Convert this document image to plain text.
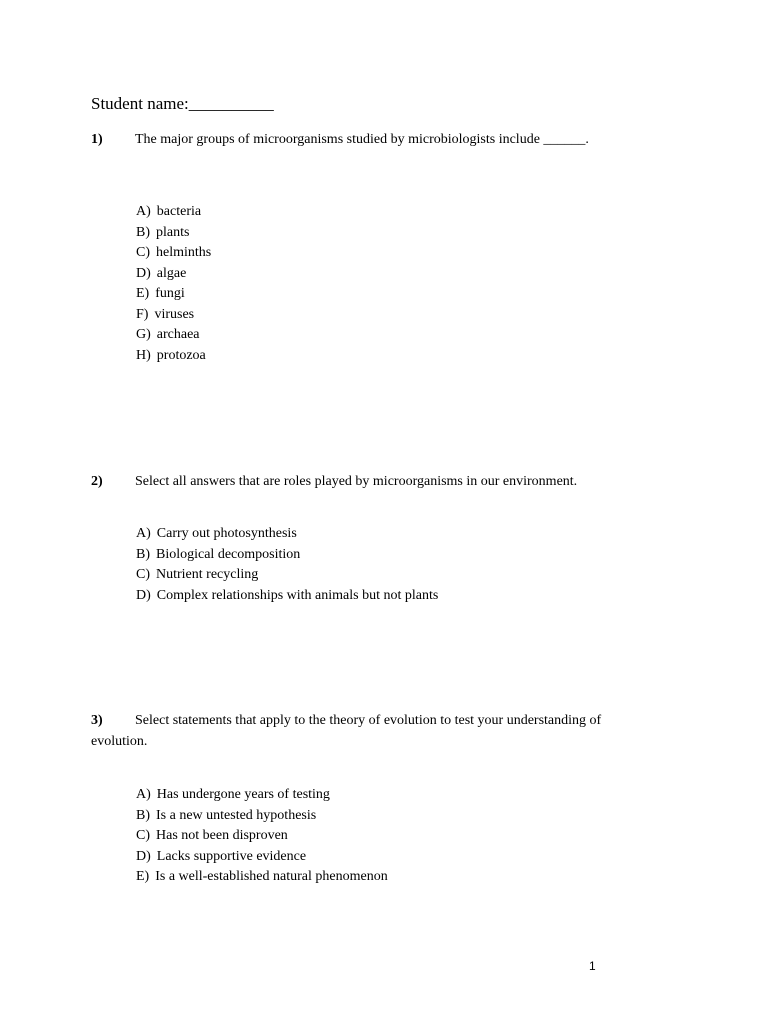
Student name:__________
1) The major groups of microorganisms studied by microbiologists include ______.
A) bacteria
B) plants
C) helminths
D) algae
E) fungi
F) viruses
G) archaea
H) protozoa
2) Select all answers that are roles played by microorganisms in our environment.
A) Carry out photosynthesis
B) Biological decomposition
C) Nutrient recycling
D) Complex relationships with animals but not plants
3) Select statements that apply to the theory of evolution to test your understanding of evolution.
A) Has undergone years of testing
B) Is a new untested hypothesis
C) Has not been disproven
D) Lacks supportive evidence
E) Is a well-established natural phenomenon
1
